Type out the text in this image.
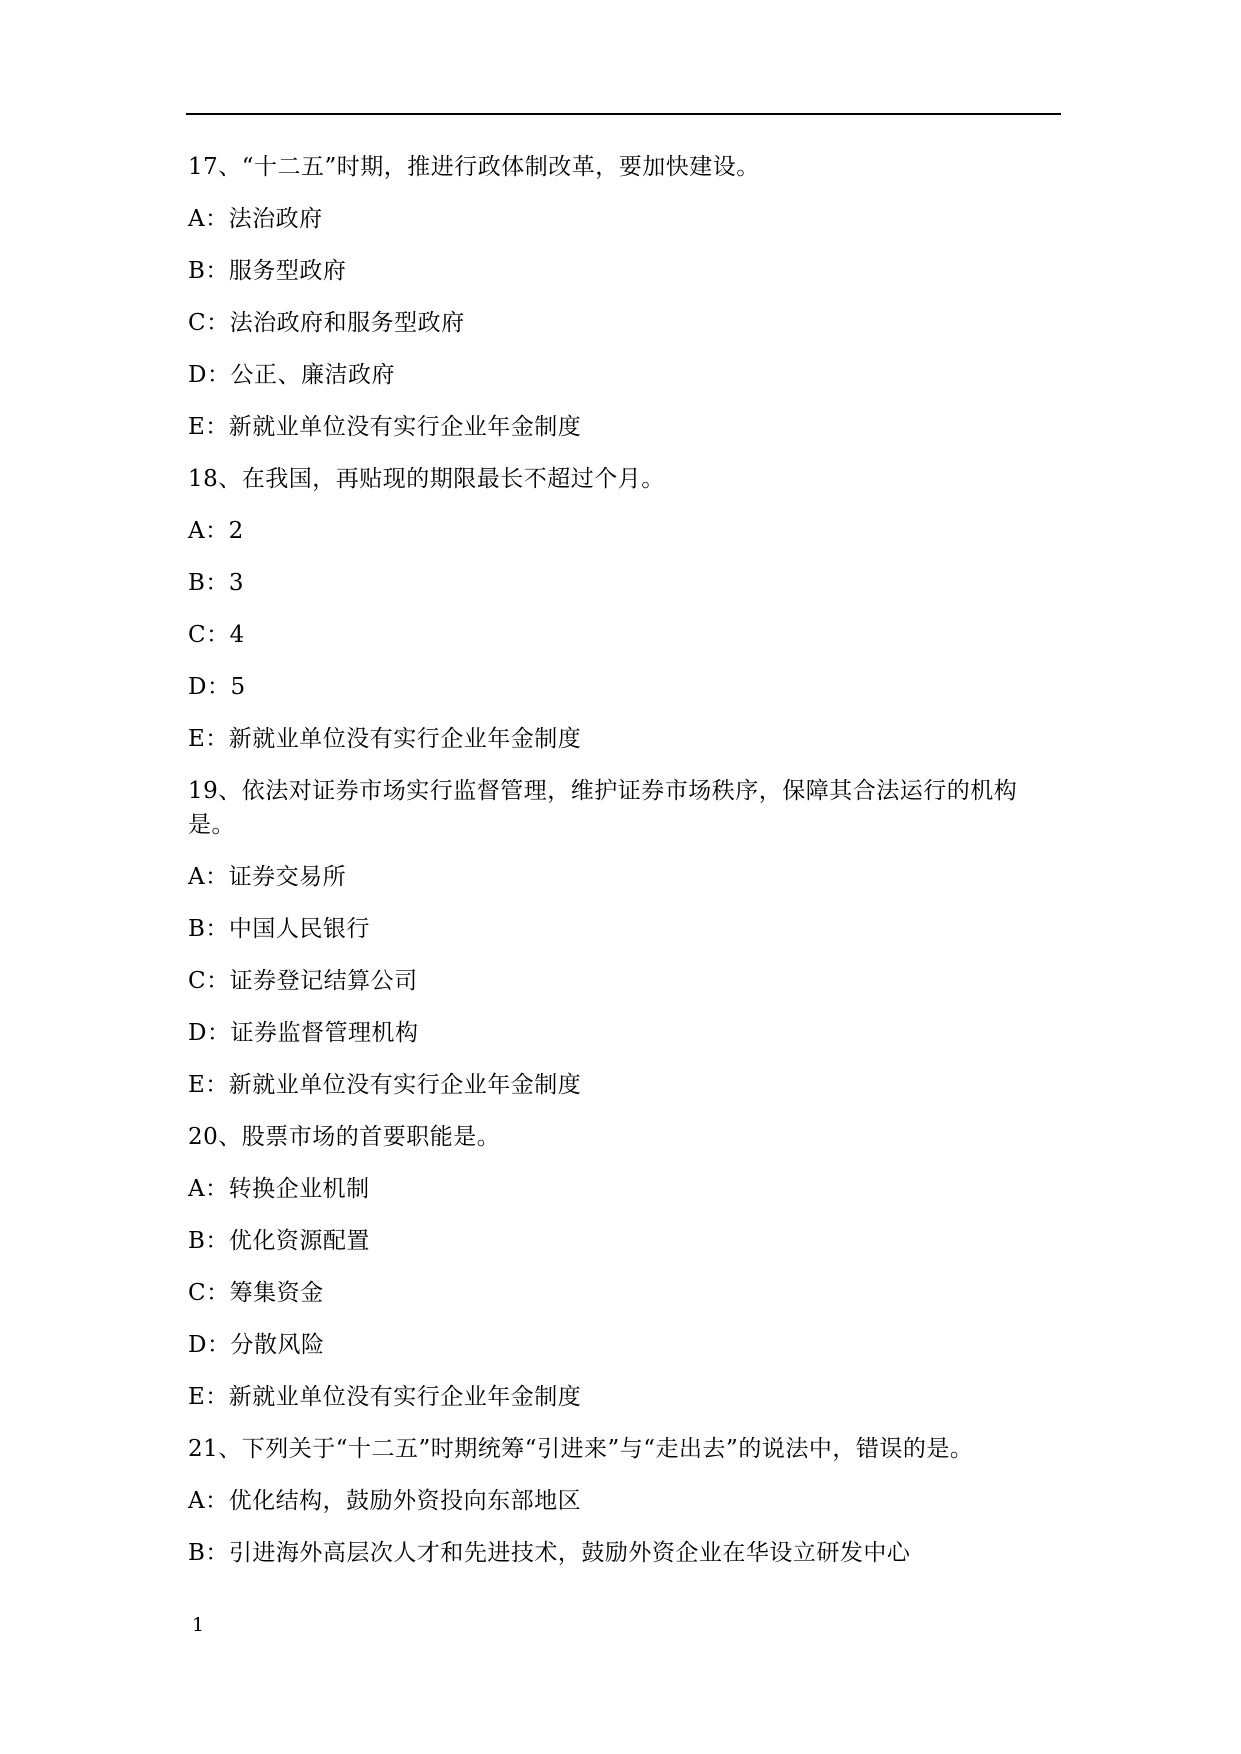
17、“十二五”时期，推进行政体制改革，要加快建设。
A：法治政府
B：服务型政府
C：法治政府和服务型政府
D：公正、廉洁政府
E：新就业单位没有实行企业年金制度
18、在我国，再贴现的期限最长不超过个月。
A：2
B：3
C：4
D：5
E：新就业单位没有实行企业年金制度
19、依法对证券市场实行监督管理，维护证券市场秩序，保障其合法运行的机构是。
A：证券交易所
B：中国人民银行
C：证券登记结算公司
D：证券监督管理机构
E：新就业单位没有实行企业年金制度
20、股票市场的首要职能是。
A：转换企业机制
B：优化资源配置
C：筹集资金
D：分散风险
E：新就业单位没有实行企业年金制度
21、下列关于“十二五”时期统筹“引进来”与“走出去”的说法中，错误的是。
A：优化结构，鼓励外资投向东部地区
B：引进海外高层次人才和先进技术，鼓励外资企业在华设立研发中心
1
